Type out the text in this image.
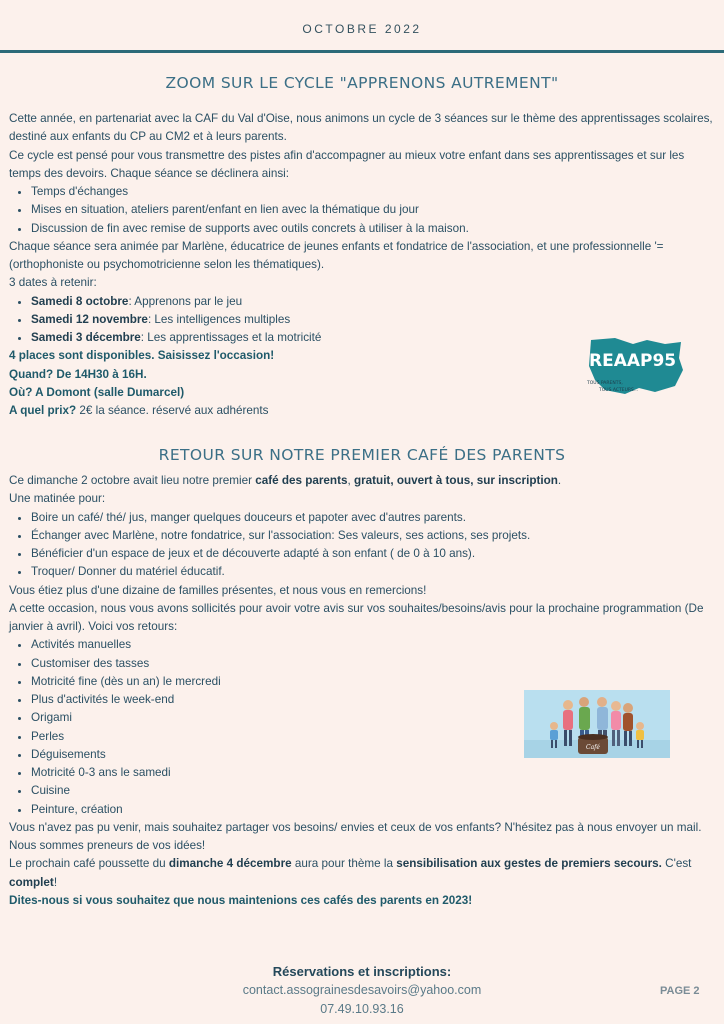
OCTOBRE 2022
ZOOM SUR LE CYCLE "APPRENONS AUTREMENT"

Cette année, en partenariat avec la CAF du Val d'Oise, nous animons un cycle de 3 séances sur le thème des apprentissages scolaires, destiné aux enfants du CP au CM2 et à leurs parents.

Ce cycle est pensé pour vous transmettre des pistes afin d'accompagner au mieux votre enfant dans ses apprentissages et sur les temps des devoirs. Chaque séance se déclinera ainsi:

• Temps d'échanges
• Mises en situation, ateliers parent/enfant en lien avec la thématique du jour
• Discussion de fin avec remise de supports avec outils concrets à utiliser à la maison.

Chaque séance sera animée par Marlène, éducatrice de jeunes enfants et fondatrice de l'association, et une professionnelle '=(orthophoniste ou psychomotricienne selon les thématiques).

3 dates à retenir:

• Samedi 8 octobre: Apprenons par le jeu
• Samedi 12 novembre: Les intelligences multiples
• Samedi 3 décembre: Les apprentissages et la motricité

4 places sont disponibles. Saisissez l'occasion!

Quand? De 14H30 à 16H.

Où? A Domont (salle Dumarcel)

A quel prix? 2€ la séance. réservé aux adhérents

REAAP95
TOUS PARENTS,
TOUS ACTEURS...
RETOUR SUR NOTRE PREMIER CAFÉ DES PARENTS

Ce dimanche 2 octobre avait lieu notre premier café des parents, gratuit, ouvert à tous, sur inscription.

Une matinée pour:

• Boire un café/ thé/ jus, manger quelques douceurs et papoter avec d'autres parents.
• Échanger avec Marlène, notre fondatrice, sur l'association: Ses valeurs, ses actions, ses projets.
• Bénéficier d'un espace de jeux et de découverte adapté à son enfant ( de 0 à 10 ans).
• Troquer/ Donner du matériel éducatif.

Vous étiez plus d'une dizaine de familles présentes, et nous vous en remercions!

A cette occasion, nous vous avons sollicités pour avoir votre avis sur vos souhaites/besoins/avis pour la prochaine programmation (De janvier à avril). Voici vos retours:

• Activités manuelles
• Customiser des tasses
• Motricité fine (dès un an) le mercredi
• Plus d'activités le week-end
• Origami
• Perles
• Déguisements
• Motricité 0-3 ans le samedi
• Cuisine
• Peinture, création

Vous n'avez pas pu venir, mais souhaitez partager vos besoins/ envies et ceux de vos enfants? N'hésitez pas à nous envoyer un mail. Nous sommes preneurs de vos idées!

Le prochain café poussette du dimanche 4 décembre aura pour thème la sensibilisation aux gestes de premiers secours. C'est complet!

Dites-nous si vous souhaitez que nous maintenions ces cafés des parents en 2023!

Café
Réservations et inscriptions:
contact.assograinesdesavoirs@yahoo.com
07.49.10.93.16
PAGE 2
